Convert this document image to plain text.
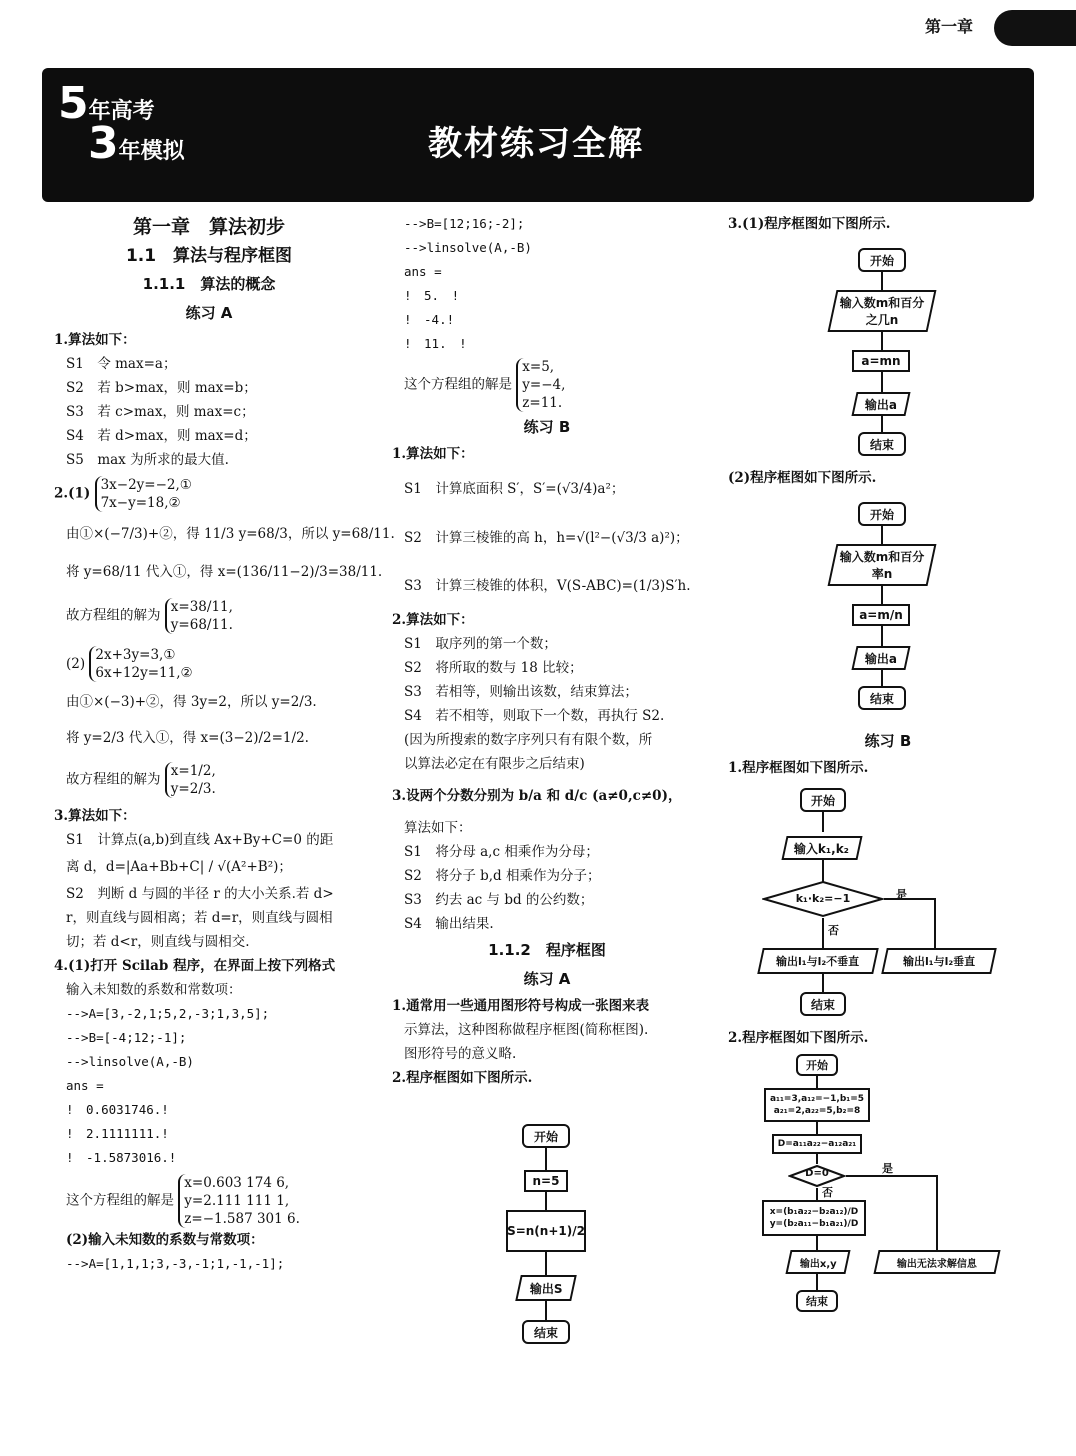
第一章
5年高考
3年模拟	教材练习全解
第一章　算法初步
1.1　算法与程序框图
1.1.1　算法的概念
练习 A
1.算法如下：
S1　令 max=a；
S2　若 b>max，则 max=b；
S3　若 c>max，则 max=c；
S4　若 d>max，则 max=d；
S5　max 为所求的最大值.
2.(1)
3x−2y=−2,①
7x−y=18,②
由①×(−7/3)+②，得 11/3 y=68/3，所以 y=68/11.
将 y=68/11 代入①，得 x=(136/11−2)/3=38/11.
故方程组的解为
x=38/11,
y=68/11.
(2)
2x+3y=3,①
6x+12y=11,②
由①×(−3)+②，得 3y=2，所以 y=2/3.
将 y=2/3 代入①，得 x=(3−2)/2=1/2.
故方程组的解为
x=1/2,
y=2/3.
3.算法如下：
S1　计算点(a,b)到直线 Ax+By+C=0 的距
离 d，d=|Aa+Bb+C| / √(A²+B²)；
S2　判断 d 与圆的半径 r 的大小关系.若 d>
r，则直线与圆相离；若 d=r，则直线与圆相
切；若 d<r，则直线与圆相交.
4.(1)打开 Scilab 程序，在界面上按下列格式
输入未知数的系数和常数项：
-->A=[3,-2,1;5,2,-3;1,3,5];
-->B=[-4;12;-1];
-->linsolve(A,-B)
ans =
!　0.6031746.!
!　2.1111111.!
!　-1.5873016.!
这个方程组的解是
x=0.603 174 6,
y=2.111 111 1,
z=−1.587 301 6.
(2)输入未知数的系数与常数项：
-->A=[1,1,1;3,-3,-1;1,-1,-1];
-->B=[12;16;-2];
-->linsolve(A,-B)
ans =
!　5.　!
!　-4.!
!　11.　!
这个方程组的解是
x=5,
y=−4,
z=11.
练习 B
1.算法如下：
S1　计算底面积 S′，S′=(√3/4)a²；
S2　计算三棱锥的高 h，h=√(l²−(√3/3 a)²)；
S3　计算三棱锥的体积，V(S-ABC)=(1/3)S′h.
2.算法如下：
S1　取序列的第一个数；
S2　将所取的数与 18 比较；
S3　若相等，则输出该数，结束算法；
S4　若不相等，则取下一个数，再执行 S2.
(因为所搜索的数字序列只有有限个数，所
以算法必定在有限步之后结束)
3.设两个分数分别为 b/a 和 d/c (a≠0,c≠0)，
算法如下：
S1　将分母 a,c 相乘作为分母；
S2　将分子 b,d 相乘作为分子；
S3　约去 ac 与 bd 的公约数；
S4　输出结果.
1.1.2　程序框图
练习 A
1.通常用一些通用图形符号构成一张图来表
示算法，这种图称做程序框图(简称框图).
图形符号的意义略.
2.程序框图如下图所示.
开始
n=5
S=n(n+1)/2
输出S
结束
3.(1)程序框图如下图所示.
开始
输入数m和百分之几n
a=mn
输出a
结束
(2)程序框图如下图所示.
开始
输入数m和百分率n
a=m/n
输出a
结束
练习 B
1.程序框图如下图所示.
开始
输入k₁,k₂
k₁·k₂=−1	是
否
输出l₁与l₂不垂直	输出l₁与l₂垂直
结束
2.程序框图如下图所示.
开始
a₁₁=3,a₁₂=−1,b₁=5 a₂₁=2,a₂₂=5,b₂=8
D=a₁₁a₂₂−a₁₂a₂₁
D=0	是
否
x=(b₁a₂₂−b₂a₁₂)/D y=(b₂a₁₁−b₁a₂₁)/D
输出x,y	输出无法求解信息
结束
